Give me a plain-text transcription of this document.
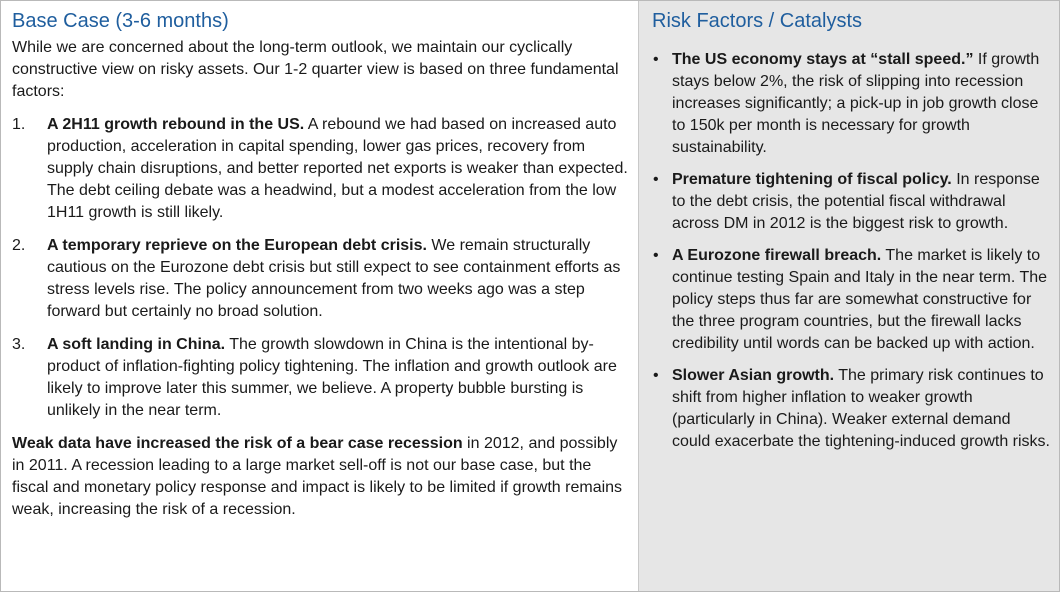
Base Case (3-6 months)

While we are concerned about the long-term outlook, we maintain our cyclically constructive view on risky assets. Our 1-2 quarter view is based on three fundamental factors:

1.	A 2H11 growth rebound in the US. A rebound we had based on increased auto production, acceleration in capital spending, lower gas prices, recovery from supply chain disruptions, and better reported net exports is weaker than expected. The debt ceiling debate was a headwind, but a modest acceleration from the low 1H11 growth is still likely.

2.	A temporary reprieve on the European debt crisis. We remain structurally cautious on the Eurozone debt crisis but still expect to see containment efforts as stress levels rise. The policy announcement from two weeks ago was a step forward but certainly no broad solution.

3.	A soft landing in China. The growth slowdown in China is the intentional by-product of inflation-fighting policy tightening. The inflation and growth outlook are likely to improve later this summer, we believe. A property bubble bursting is unlikely in the near term.

Weak data have increased the risk of a bear case recession in 2012, and possibly in 2011. A recession leading to a large market sell-off is not our base case, but the fiscal and monetary policy response and impact is likely to be limited if growth remains weak, increasing the risk of a recession.

Risk Factors / Catalysts
• The US economy stays at “stall speed.” If growth stays below 2%, the risk of slipping into recession increases significantly; a pick-up in job growth close to 150k per month is necessary for growth sustainability.

• Premature tightening of fiscal policy. In response to the debt crisis, the potential fiscal withdrawal across DM in 2012 is the biggest risk to growth.

• A Eurozone firewall breach. The market is likely to continue testing Spain and Italy in the near term. The policy steps thus far are somewhat constructive for the three program countries, but the firewall lacks credibility until words can be backed up with action.

• Slower Asian growth. The primary risk continues to shift from higher inflation to weaker growth (particularly in China). Weaker external demand could exacerbate the tightening-induced growth risks.
